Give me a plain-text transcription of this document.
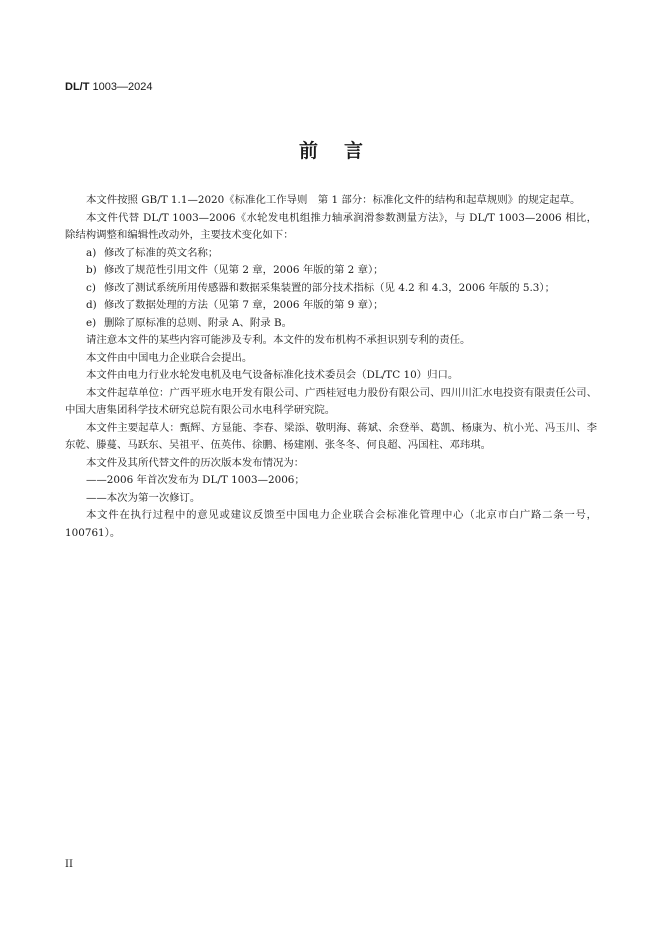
DL/T 1003—2024
前言

本文件按照 GB/T 1.1—2020《标准化工作导则　第 1 部分：标准化文件的结构和起草规则》的规定起草。

本文件代替 DL/T 1003—2006《水轮发电机组推力轴承润滑参数测量方法》，与 DL/T 1003—2006 相比，除结构调整和编辑性改动外，主要技术变化如下：

a) 修改了标准的英文名称；

b) 修改了规范性引用文件（见第 2 章，2006 年版的第 2 章）；

c) 修改了测试系统所用传感器和数据采集装置的部分技术指标（见 4.2 和 4.3，2006 年版的 5.3）；

d) 修改了数据处理的方法（见第 7 章，2006 年版的第 9 章）；

e) 删除了原标准的总则、附录 A、附录 B。

请注意本文件的某些内容可能涉及专利。本文件的发布机构不承担识别专利的责任。

本文件由中国电力企业联合会提出。

本文件由电力行业水轮发电机及电气设备标准化技术委员会（DL/TC 10）归口。

本文件起草单位：广西平班水电开发有限公司、广西桂冠电力股份有限公司、四川川汇水电投资有限责任公司、中国大唐集团科学技术研究总院有限公司水电科学研究院。

本文件主要起草人：甄辉、方显能、李春、梁添、敬明海、蒋斌、余登举、葛凯、杨康为、杭小光、冯玉川、李东乾、滕蔓、马跃东、吴祖平、伍英伟、徐鹏、杨建刚、张冬冬、何良超、冯国柱、邓玮琪。

本文件及其所代替文件的历次版本发布情况为：

——2006 年首次发布为 DL/T 1003—2006；

——本次为第一次修订。

本文件在执行过程中的意见或建议反馈至中国电力企业联合会标准化管理中心（北京市白广路二条一号，100761）。

II
